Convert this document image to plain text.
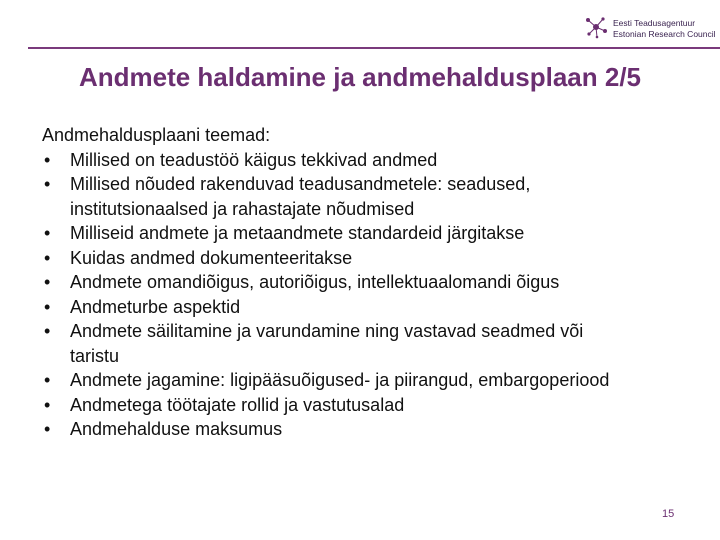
Eesti Teadusagentuur
Estonian Research Council
Andmete haldamine ja andmehaldusplaan 2/5

Andmehaldusplaani teemad:

• Millised on teadustöö käigus tekkivad andmed
• Millised nõuded rakenduvad teadusandmetele: seadused,
institutsionaalsed ja rahastajate nõudmised
• Milliseid andmete ja metaandmete standardeid järgitakse
• Kuidas andmed dokumenteeritakse
• Andmete omandiõigus, autoriõigus, intellektuaalomandi õigus
• Andmeturbe aspektid
• Andmete säilitamine ja varundamine ning vastavad seadmed või
taristu
• Andmete jagamine: ligipääsuõigused- ja piirangud, embargoperiood
• Andmetega töötajate rollid ja vastutusalad
• Andmehalduse maksumus
15
